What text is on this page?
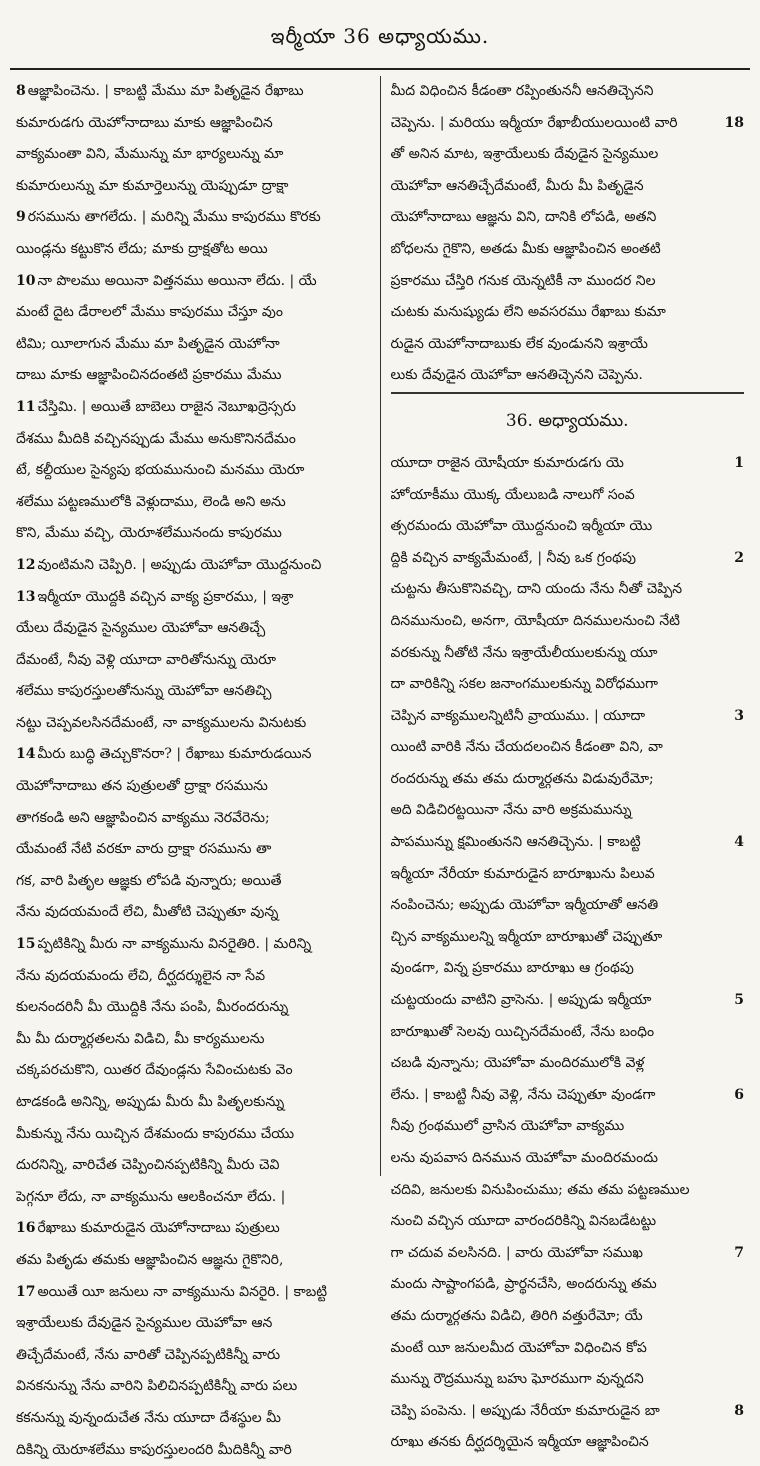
ఇర్మీయా 36 అధ్యాయము.
8 ఆజ్ఞాపించెను. | కాబట్టి మేము మా పితృడైన రేఖాబు
కుమారుడగు యెహోనాదాబు మాకు ఆజ్ఞాపించిన
వాక్యమంతా విని, మేమున్ను మా భార్యలున్ను మా
కుమారులున్ను మా కుమార్తెలున్ను యెప్పుడూ ద్రాక్షా
9 రసమును తాగలేదు. | మరిన్ని మేము కాపురము కొరకు
యిండ్లను కట్టుకొన లేదు; మాకు ద్రాక్షతోట అయి
10 నా పొలము అయినా విత్తనము అయినా లేదు. | యే
మంటే దైట డేరాలలో మేము కాపురము చేస్తూ వుం
టిమి; యీలాగున మేము మా పితృడైన యెహోనా
దాబు మాకు ఆజ్ఞాపించినదంతటి ప్రకారము మేము
11 చేస్తిమి. | అయితే బాబెలు రాజైన నెబూఖద్రెస్సరు
దేశము మీదికి వచ్చినప్పుడు మేము అనుకొనినదేమం
టే, కల్దీయుల సైన్యపు భయమునుంచి మనము యెరూ
శలేము పట్టణములోకి వెళ్లుదాము, లెండి అని అను
కొని, మేము వచ్చి, యెరూశలేమునందు కాపురము
12 వుంటిమని చెప్పిరి. | అప్పుడు యెహోవా యొద్దనుంచి
13 ఇర్మీయా యొద్దకి వచ్చిన వాక్య ప్రకారము, | ఇశ్రా
యేలు దేవుడైన సైన్యముల యెహోవా ఆనతిచ్చే
దేమంటే, నీవు వెళ్లి యూదా వారితోనున్ను యెరూ
శలేము కాపురస్తులతోనున్ను యెహోవా ఆనతిచ్చి
నట్టు చెప్పవలసినదేమంటే, నా వాక్యములను వినుటకు
14 మీరు బుద్ధి తెచ్చుకొనరా? | రేఖాబు కుమారుడయిన
యెహోనాదాబు తన పుత్రులతో ద్రాక్షా రసమును
తాగకండి అని ఆజ్ఞాపించిన వాక్యము నెరవేరెను;
యేమంటే నేటి వరకూ వారు ద్రాక్షా రసమును తా
గక, వారి పితృల ఆజ్ఞకు లోపడి వున్నారు; అయితే
నేను వుదయమందే లేచి, మీతోటి చెప్పుతూ వున్న
15 ప్పటికిన్ని మీరు నా వాక్యమును వినరైతిరి. | మరిన్ని
నేను వుదయమందు లేచి, దీర్ఘదర్శులైన నా సేవ
కులనందరినీ మీ యొద్దికి నేను పంపి, మీరందరున్ను
మీ మీ దుర్మార్గతలను విడిచి, మీ కార్యములను
చక్కపరచుకొని, యితర దేవుండ్లను సేవించుటకు వెం
టాడకండి అనిన్ని, అప్పుడు మీరు మీ పితృలకున్ను
మీకున్ను నేను యిచ్చిన దేశమందు కాపురము చేయు
దురనిన్ని, వారిచేత చెప్పించినప్పటికిన్ని మీరు చెవి
పెగ్గనూ లేదు, నా వాక్యమును ఆలకించనూ లేదు. |
16 రేఖాబు కుమారుడైన యెహోనాదాబు పుత్రులు
తమ పితృడు తమకు ఆజ్ఞాపించిన ఆజ్ఞను గైకొనిరి,
17 అయితే యీ జనులు నా వాక్యమును వినరైరి. | కాబట్టి
ఇశ్రాయేలుకు దేవుడైన సైన్యముల యెహోవా ఆన
తిచ్చేదేమంటే, నేను వారితో చెప్పినప్పటికిన్నీ వారు
వినకనున్ను నేను వారిని పిలిచినప్పటికిన్నీ వారు పలు
కకనున్ను వున్నందుచేత నేను యూదా దేశస్థుల మీ
దికిన్ని యెరూశలేము కాపురస్తులందరి మీదికిన్నీ వారి
మీద విధించిన కీడంతా రప్పింతుననీ ఆనతిచ్చెనని
చెప్పెను. | మరియు ఇర్మీయా రేఖాబీయులయింటి వారి	18
తో అనిన మాట, ఇశ్రాయేలుకు దేవుడైన సైన్యముల
యెహోవా ఆనతిచ్చేదేమంటే, మీరు మీ పితృడైన
యెహోనాదాబు ఆజ్ఞను విని, దానికి లోపడి, అతని
బోధలను గైకొని, అతడు మీకు ఆజ్ఞాపించిన అంతటి
ప్రకారము చేస్తిరి గనుక యెన్నటికీ నా ముందర నిల
చుటకు మనుష్యుడు లేని అవసరము రేఖాబు కుమా
రుడైన యెహోనాదాబుకు లేక వుండునని ఇశ్రాయే
లుకు దేవుడైన యెహోవా ఆనతిచ్చెనని చెప్పెను.
36. అధ్యాయము.
యూదా రాజైన యోషీయా కుమారుడగు యె	1
హోయాకీము యొక్క యేలుబడి నాలుగో సంవ
త్సరమందు యెహోవా యొద్దనుంచి ఇర్మీయా యొ
ద్దికి వచ్చిన వాక్యమేమంటే, | నీవు ఒక గ్రంథపు	2
చుట్టను తీసుకొనివచ్చి, దాని యందు నేను నీతో చెప్పిన
దినమునుంచి, అనగా, యోషీయా దినములనుంచి నేటి
వరకున్ను నీతోటి నేను ఇశ్రాయేలీయులకున్ను యూ
దా వారికిన్ని సకల జనాంగములకున్ను విరోధముగా
చెప్పిన వాక్యములన్నిటినీ వ్రాయుము. | యూదా	3
యింటి వారికి నేను చేయదలంచిన కీడంతా విని, వా
రందరున్ను తమ తమ దుర్మార్గతను విడువురేమో;
అది విడిచిరట్టయినా నేను వారి అక్రమమున్ను
పాపమున్ను క్షమింతునని ఆనతిచ్చెను. | కాబట్టి	4
ఇర్మీయా నేరీయా కుమారుడైన బారూఖును పిలువ
నంపించెను; అప్పుడు యెహోవా ఇర్మీయాతో ఆనతి
చ్చిన వాక్యములన్ని ఇర్మీయా బారూఖుతో చెప్పుతూ
వుండగా, విన్న ప్రకారము బారూఖు ఆ గ్రంథపు
చుట్టయందు వాటిని వ్రాసెను. | అప్పుడు ఇర్మీయా	5
బారూఖుతో సెలవు యిచ్చినదేమంటే, నేను బంధిం
చబడి వున్నాను; యెహోవా మందిరములోకి వెళ్ల
లేను. | కాబట్టి నీవు వెళ్లి, నేను చెప్పుతూ వుండగా	6
నీవు గ్రంథములో వ్రాసిన యెహోవా వాక్యము
లను వుపవాస దినమున యెహోవా మందిరమందు
చదివి, జనులకు వినుపించుము; తమ తమ పట్టణముల
నుంచి వచ్చిన యూదా వారందరికిన్ని వినబడేటట్టు
గా చదువ వలసినది. | వారు యెహోవా సముఖ	7
మందు సాష్టాంగపడి, ప్రార్థనచేసి, అందరున్ను తమ
తమ దుర్మార్గతను విడిచి, తిరిగి వత్తురేమో; యే
మంటే యీ జనులమీద యెహోవా విధించిన కోప
మున్ను రౌద్రమున్ను బహు ఘోరముగా వున్నదని
చెప్పి పంపెను. | అప్పుడు నేరీయా కుమారుడైన బా	8
రూఖు తనకు దీర్ఘదర్శియైన ఇర్మీయా ఆజ్ఞాపించిన
